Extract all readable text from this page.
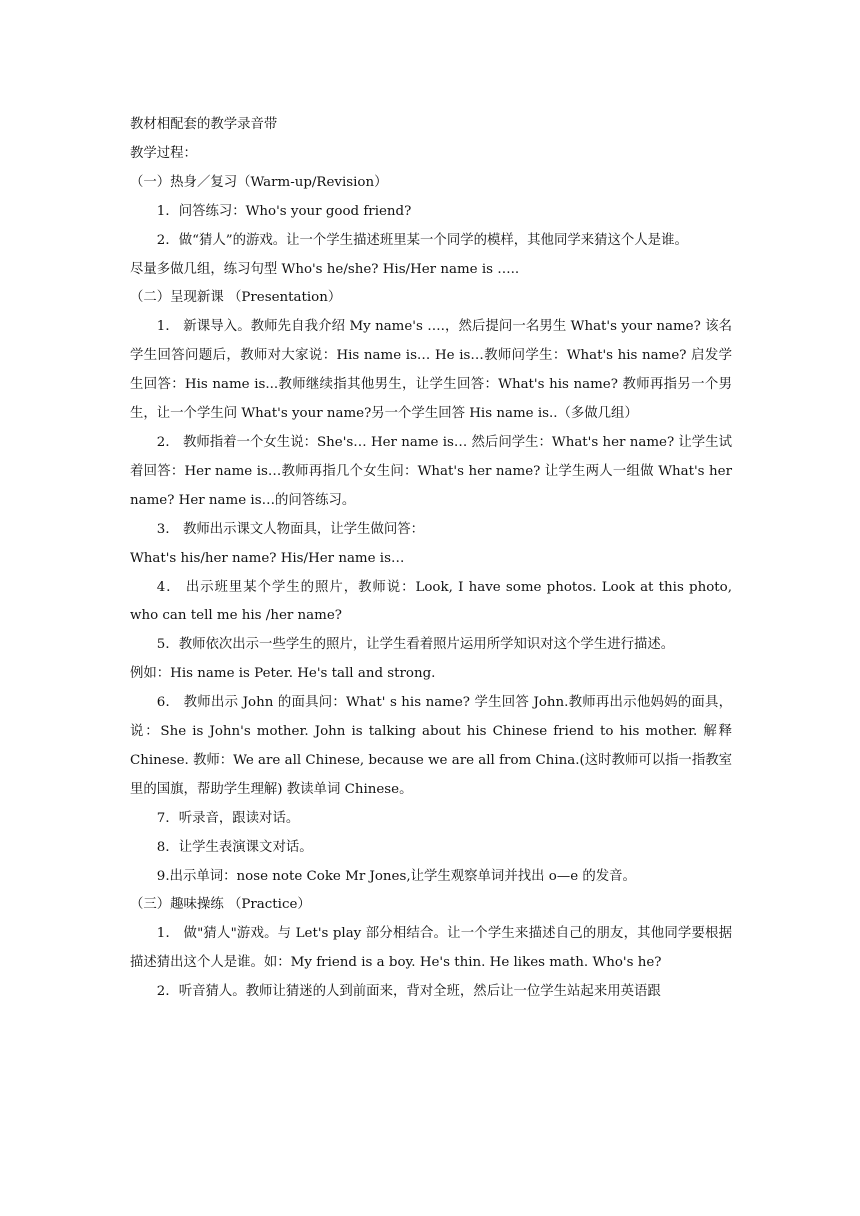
教材相配套的教学录音带

教学过程：

（一）热身／复习（Warm-up/Revision）

1．问答练习：Who's your good friend?

2．做“猜人”的游戏。让一个学生描述班里某一个同学的模样，其他同学来猜这个人是谁。

尽量多做几组，练习句型 Who's he/she? His/Her name is …..

（二）呈现新课 （Presentation）

1． 新课导入。教师先自我介绍 My name's ….，然后提问一名男生 What's your name? 该名学生回答问题后，教师对大家说：His name is… He is…教师问学生：What's his name? 启发学生回答：His name is...教师继续指其他男生，让学生回答：What's his name? 教师再指另一个男生，让一个学生问 What's your name?另一个学生回答 His name is..（多做几组）

2． 教师指着一个女生说：She's… Her name is… 然后问学生：What's her name? 让学生试着回答：Her name is…教师再指几个女生问：What's her name? 让学生两人一组做 What's her name? Her name is…的问答练习。

3． 教师出示课文人物面具，让学生做问答：

What's his/her name? His/Her name is…

4． 出示班里某个学生的照片，教师说：Look, I have some photos. Look at this photo, who can tell me his /her name?

5．教师依次出示一些学生的照片，让学生看着照片运用所学知识对这个学生进行描述。

例如：His name is Peter. He's tall and strong.

6． 教师出示 John 的面具问：What' s his name? 学生回答 John.教师再出示他妈妈的面具，说：She is John's mother. John is talking about his Chinese friend to his mother. 解释 Chinese. 教师：We are all Chinese, because we are all from China.(这时教师可以指一指教室里的国旗，帮助学生理解) 教读单词 Chinese。

7．听录音，跟读对话。

8．让学生表演课文对话。

9.出示单词：nose note Coke Mr Jones,让学生观察单词并找出 o—e 的发音。

（三）趣味操练 （Practice）

1． 做"猜人"游戏。与 Let's play 部分相结合。让一个学生来描述自己的朋友，其他同学要根据描述猜出这个人是谁。如：My friend is a boy. He's thin. He likes math. Who's he?

2．听音猜人。教师让猜迷的人到前面来，背对全班，然后让一位学生站起来用英语跟
